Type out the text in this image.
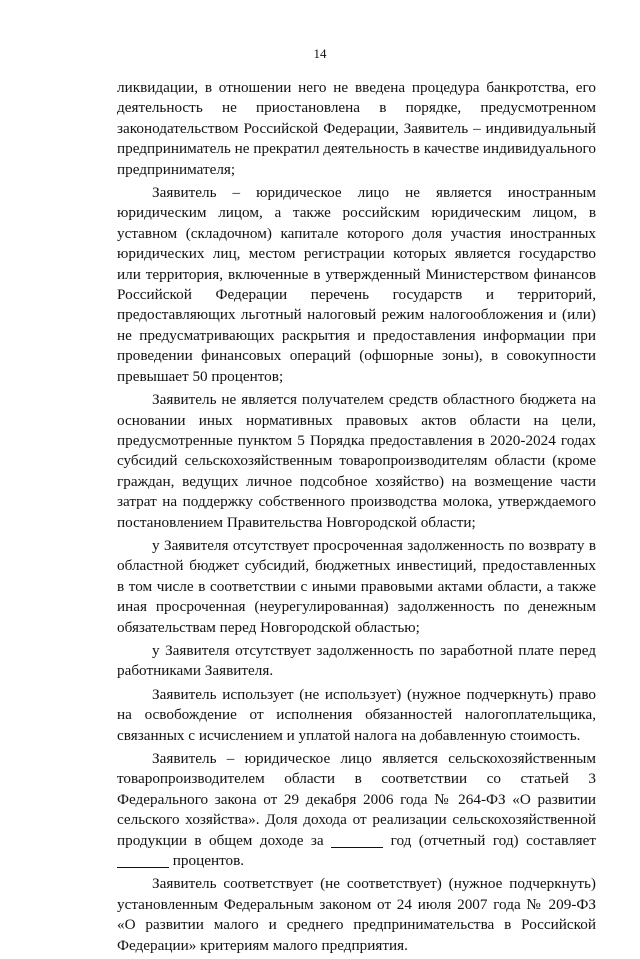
14

ликвидации, в отношении него не введена процедура банкротства, его деятельность не приостановлена в порядке, предусмотренном законодательством Российской Федерации, Заявитель – индивидуальный предприниматель не прекратил деятельность в качестве индивидуального предпринимателя;

Заявитель – юридическое лицо не является иностранным юридическим лицом, а также российским юридическим лицом, в уставном (складочном) капитале которого доля участия иностранных юридических лиц, местом регистрации которых является государство или территория, включенные в утвержденный Министерством финансов Российской Федерации перечень государств и территорий, предоставляющих льготный налоговый режим налогообложения и (или) не предусматривающих раскрытия и предоставления информации при проведении финансовых операций (офшорные зоны), в совокупности превышает 50 процентов;

Заявитель не является получателем средств областного бюджета на основании иных нормативных правовых актов области на цели, предусмотренные пунктом 5 Порядка предоставления в 2020-2024 годах субсидий сельскохозяйственным товаропроизводителям области (кроме граждан, ведущих личное подсобное хозяйство) на возмещение части затрат на поддержку собственного производства молока, утверждаемого постановлением Правительства Новгородской области;

у Заявителя отсутствует просроченная задолженность по возврату в областной бюджет субсидий, бюджетных инвестиций, предоставленных в том числе в соответствии с иными правовыми актами области, а также иная просроченная (неурегулированная) задолженность по денежным обязательствам перед Новгородской областью;

у Заявителя отсутствует задолженность по заработной плате перед работниками Заявителя.

Заявитель использует (не использует) (нужное подчеркнуть) право на освобождение от исполнения обязанностей налогоплательщика, связанных с исчислением и уплатой налога на добавленную стоимость.

Заявитель – юридическое лицо является сельскохозяйственным товаропроизводителем области в соответствии со статьей 3 Федерального закона от 29 декабря 2006 года № 264-ФЗ «О развитии сельского хозяйства». Доля дохода от реализации сельскохозяйственной продукции в общем доходе за	год (отчетный год) составляет  процентов.

Заявитель соответствует (не соответствует) (нужное подчеркнуть) установленным Федеральным законом от 24 июля 2007 года № 209-ФЗ «О развитии малого и среднего предпринимательства в Российской Федерации» критериям малого предприятия.
